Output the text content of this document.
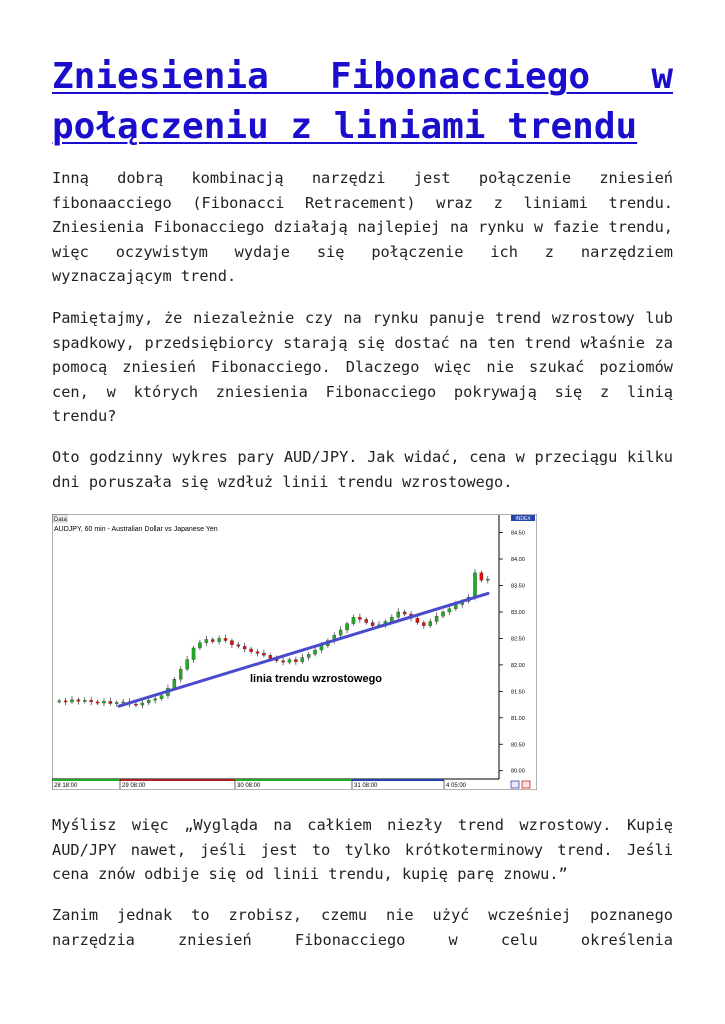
Zniesienia Fibonacciego w połączeniu z liniami trendu

Inną dobrą kombinacją narzędzi jest połączenie zniesień fibonaacciego (Fibonacci Retracement) wraz z liniami trendu. Zniesienia Fibonacciego działają najlepiej na rynku w fazie trendu, więc oczywistym wydaje się połączenie ich z narzędziem wyznaczającym trend.

Pamiętajmy, że niezależnie czy na rynku panuje trend wzrostowy lub spadkowy, przedsiębiorcy starają się dostać na ten trend właśnie za pomocą zniesień Fibonacciego. Dlaczego więc nie szukać poziomów cen, w których zniesienia Fibonacciego pokrywają się z linią trendu?

Oto godzinny wykres pary AUD/JPY. Jak widać, cena w przeciągu kilku dni poruszała się wzdłuż linii trendu wzrostowego.

Data
AUDJPY, 60 min - Australian Dollar vs Japanese Yen
INDEX
84.50
84.00
83.50
83.00
82.50
82.00
81.50
81.00
80.50
80.00
linia trendu wzrostowego
28 18:00	29 08:00	30 08:00	31 08:00	4 05:00

Myślisz więc „Wygląda na całkiem niezły trend wzrostowy. Kupię AUD/JPY nawet, jeśli jest to tylko krótkoterminowy trend. Jeśli cena znów odbije się od linii trendu, kupię parę znowu.”

Zanim jednak to zrobisz, czemu nie użyć wcześniej poznanego narzędzia zniesień Fibonacciego w celu określenia
